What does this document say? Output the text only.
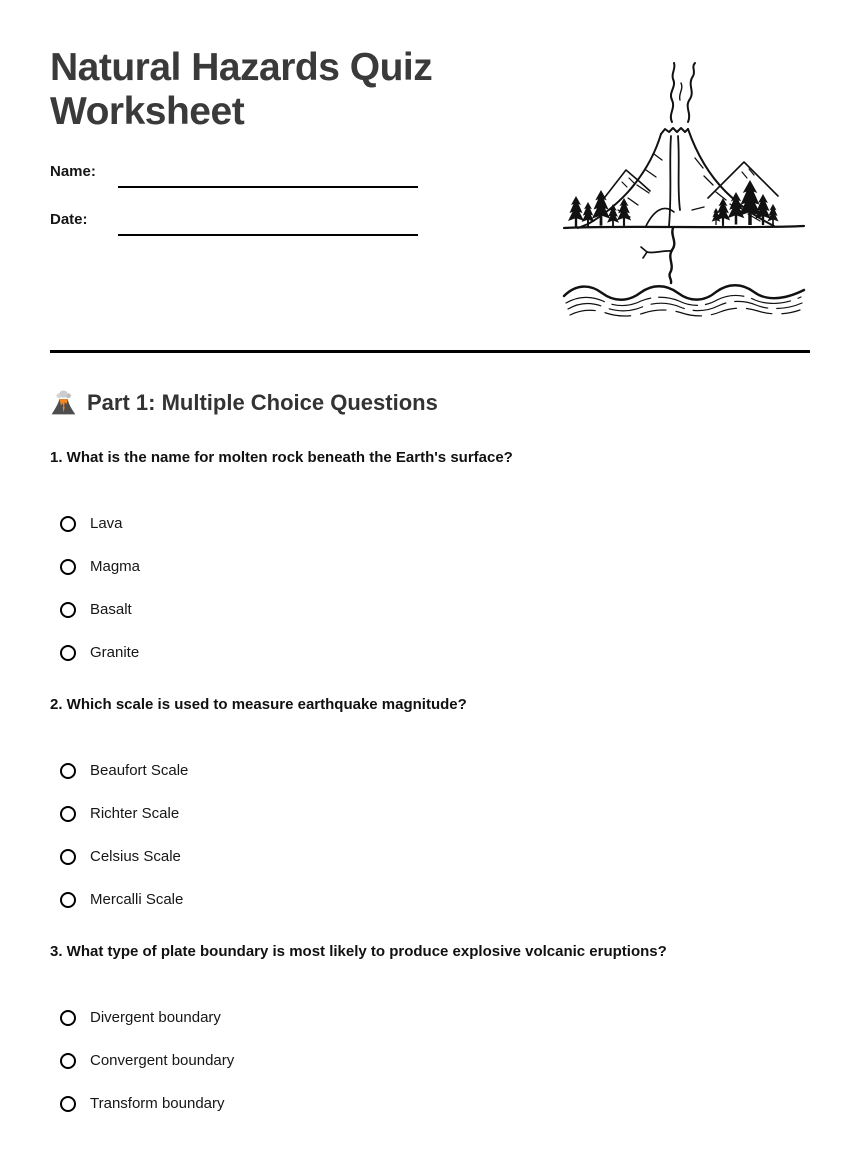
Natural Hazards Quiz Worksheet
Name:
Date:
Part 1: Multiple Choice Questions

1. What is the name for molten rock beneath the Earth's surface?

Lava
Magma
Basalt
Granite

2. Which scale is used to measure earthquake magnitude?

Beaufort Scale
Richter Scale
Celsius Scale
Mercalli Scale

3. What type of plate boundary is most likely to produce explosive volcanic eruptions?

Divergent boundary
Convergent boundary
Transform boundary
